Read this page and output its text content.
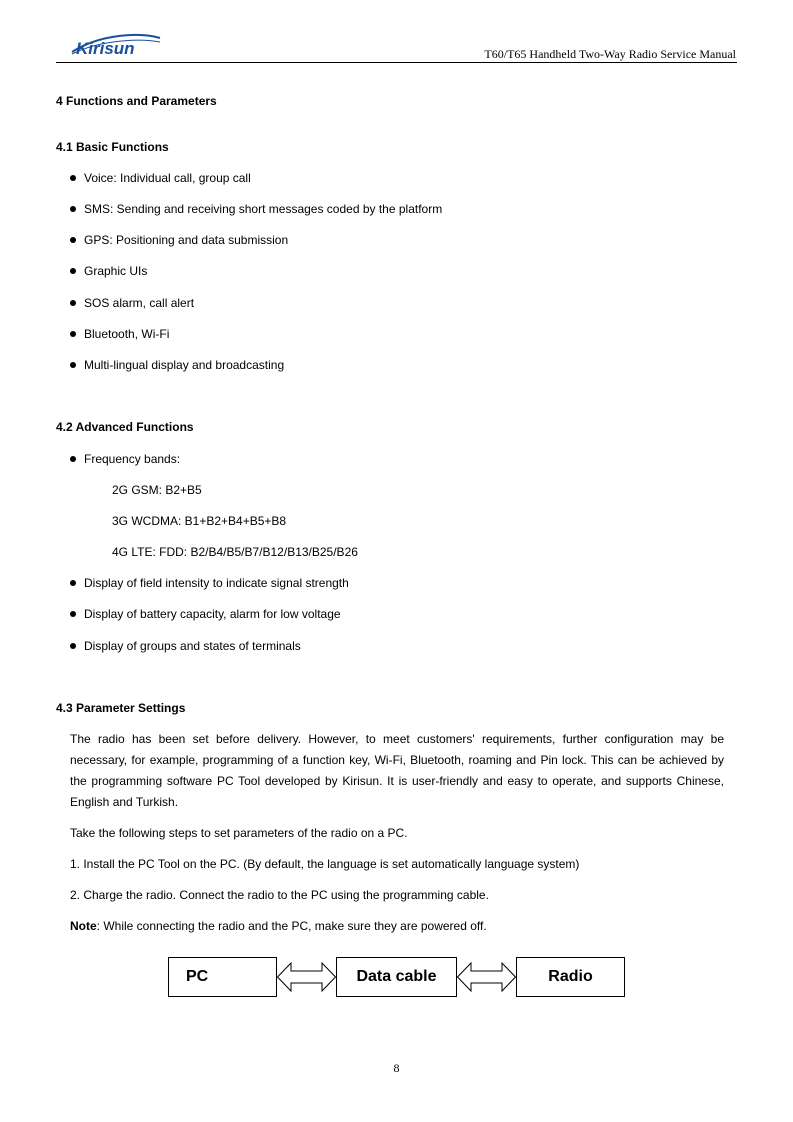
Kirisun	T60/T65 Handheld Two-Way Radio Service Manual
4 Functions and Parameters
4.1 Basic Functions
Voice: Individual call, group call
SMS: Sending and receiving short messages coded by the platform
GPS: Positioning and data submission
Graphic UIs
SOS alarm, call alert
Bluetooth, Wi-Fi
Multi-lingual display and broadcasting
4.2 Advanced Functions
Frequency bands:
2G GSM: B2+B5
3G WCDMA: B1+B2+B4+B5+B8
4G LTE: FDD: B2/B4/B5/B7/B12/B13/B25/B26
Display of field intensity to indicate signal strength
Display of battery capacity, alarm for low voltage
Display of groups and states of terminals
4.3 Parameter Settings
The radio has been set before delivery. However, to meet customers' requirements, further configuration may be necessary, for example, programming of a function key, Wi-Fi, Bluetooth, roaming and Pin lock. This can be achieved by the programming software PC Tool developed by Kirisun. It is user-friendly and easy to operate, and supports Chinese, English and Turkish.
Take the following steps to set parameters of the radio on a PC.
1. Install the PC Tool on the PC. (By default, the language is set automatically language system)
2. Charge the radio. Connect the radio to the PC using the programming cable.
Note: While connecting the radio and the PC, make sure they are powered off.
PC	Data cable	Radio
8
